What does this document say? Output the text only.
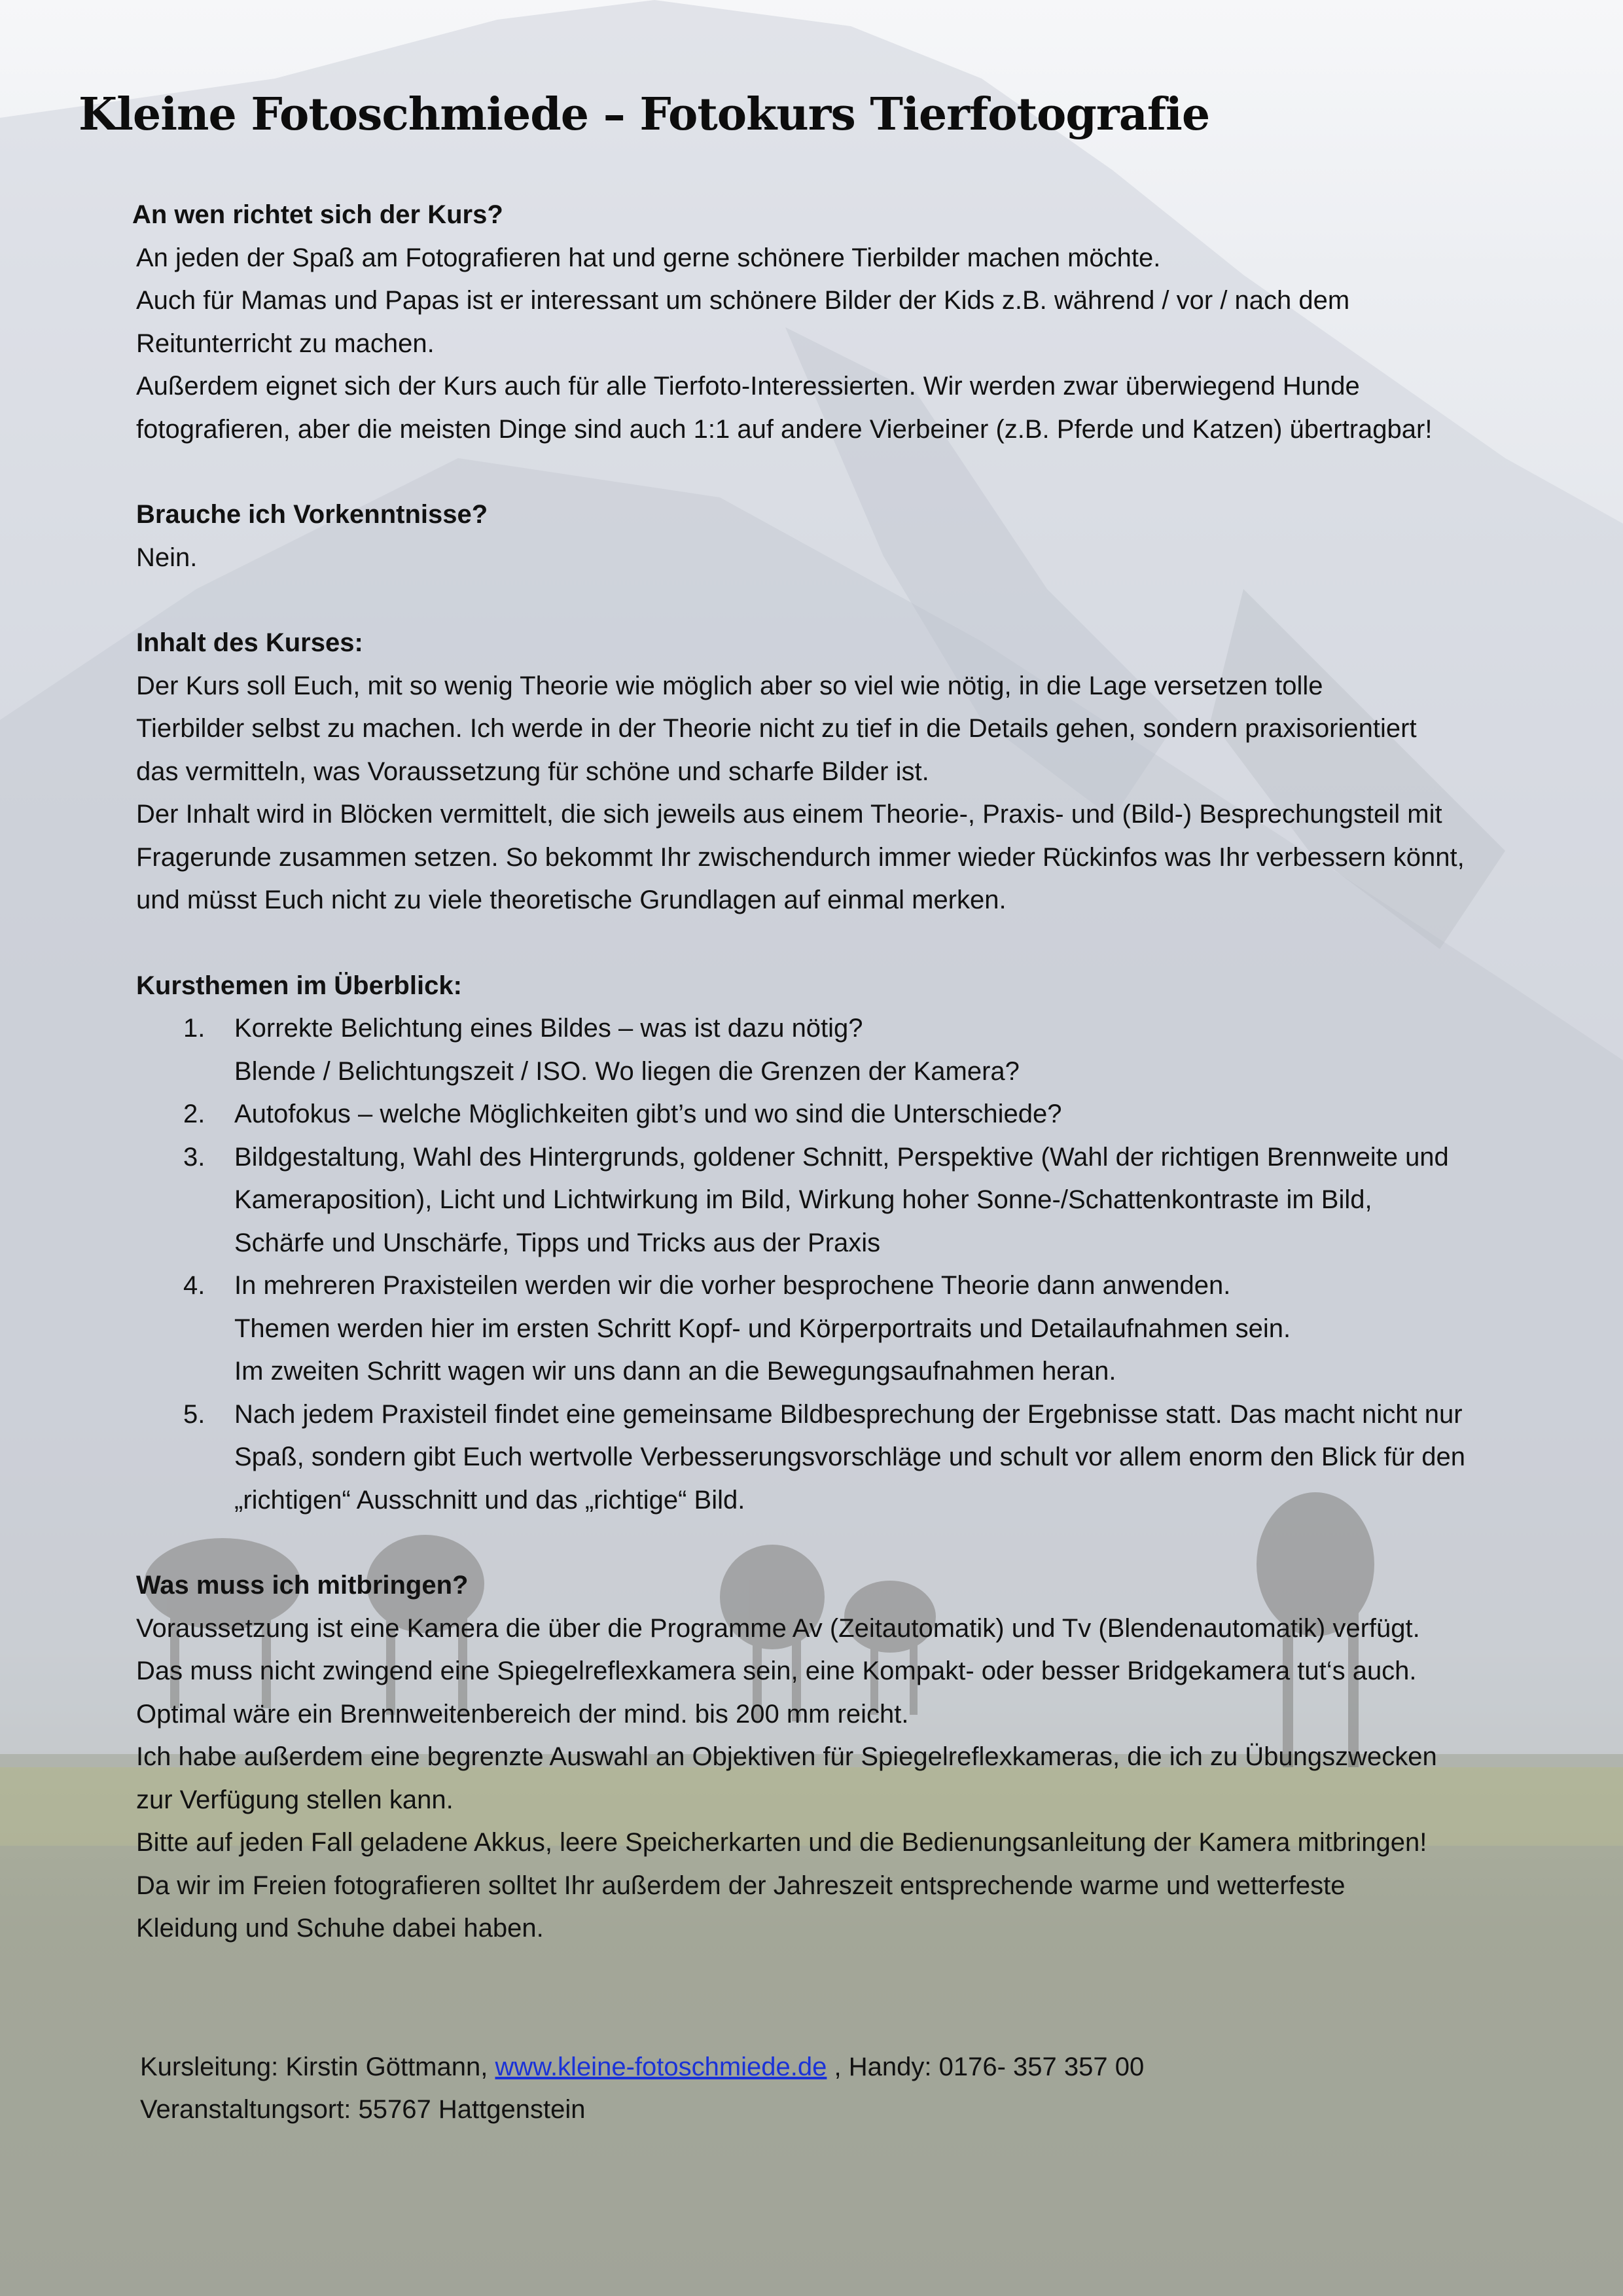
Kleine Fotoschmiede – Fotokurs Tierfotografie
An wen richtet sich der Kurs?

An jeden der Spaß am Fotografieren hat und gerne schönere Tierbilder machen möchte.

Auch für Mamas und Papas ist er interessant um schönere Bilder der Kids z.B. während / vor / nach dem

Reitunterricht zu machen.

Außerdem eignet sich der Kurs auch für alle Tierfoto-Interessierten. Wir werden zwar überwiegend Hunde

fotografieren, aber die meisten Dinge sind auch 1:1 auf andere Vierbeiner (z.B. Pferde und Katzen) übertragbar!

Brauche ich Vorkenntnisse?

Nein.

Inhalt des Kurses:

Der Kurs soll Euch, mit so wenig Theorie wie möglich aber so viel wie nötig, in die Lage versetzen tolle

Tierbilder selbst zu machen. Ich werde in der Theorie nicht zu tief in die Details gehen, sondern praxisorientiert

das vermitteln, was Voraussetzung für schöne und scharfe Bilder ist.

Der Inhalt wird in Blöcken vermittelt, die sich jeweils aus einem Theorie-, Praxis- und (Bild-) Besprechungsteil mit

Fragerunde zusammen setzen. So bekommt Ihr zwischendurch immer wieder Rückinfos was Ihr verbessern könnt,

und müsst Euch nicht zu viele theoretische Grundlagen auf einmal merken.

Kursthemen im Überblick:
1. Korrekte Belichtung eines Bildes – was ist dazu nötig?
Blende / Belichtungszeit / ISO. Wo liegen die Grenzen der Kamera?
2. Autofokus – welche Möglichkeiten gibt’s und wo sind die Unterschiede?
3. Bildgestaltung, Wahl des Hintergrunds, goldener Schnitt, Perspektive (Wahl der richtigen Brennweite und
Kameraposition), Licht und Lichtwirkung im Bild, Wirkung hoher Sonne-/Schattenkontraste im Bild,
Schärfe und Unschärfe, Tipps und Tricks aus der Praxis
4. In mehreren Praxisteilen werden wir die vorher besprochene Theorie dann anwenden.
Themen werden hier im ersten Schritt Kopf- und Körperportraits und Detailaufnahmen sein.
Im zweiten Schritt wagen wir uns dann an die Bewegungsaufnahmen heran.
5. Nach jedem Praxisteil findet eine gemeinsame Bildbesprechung der Ergebnisse statt. Das macht nicht nur
Spaß, sondern gibt Euch wertvolle Verbesserungsvorschläge und schult vor allem enorm den Blick für den
„richtigen“ Ausschnitt und das „richtige“ Bild.
Was muss ich mitbringen?

Voraussetzung ist eine Kamera die über die Programme Av (Zeitautomatik) und Tv (Blendenautomatik) verfügt.

Das muss nicht zwingend eine Spiegelreflexkamera sein, eine Kompakt- oder besser Bridgekamera tut‘s auch.

Optimal wäre ein Brennweitenbereich der mind. bis 200 mm reicht.

Ich habe außerdem eine begrenzte Auswahl an Objektiven für Spiegelreflexkameras, die ich zu Übungszwecken

zur Verfügung stellen kann.

Bitte auf jeden Fall geladene Akkus, leere Speicherkarten und die Bedienungsanleitung der Kamera mitbringen!

Da wir im Freien fotografieren solltet Ihr außerdem der Jahreszeit entsprechende warme und wetterfeste

Kleidung und Schuhe dabei haben.

Kursleitung: Kirstin Göttmann, www.kleine-fotoschmiede.de , Handy: 0176- 357 357 00
Veranstaltungsort: 55767 Hattgenstein
